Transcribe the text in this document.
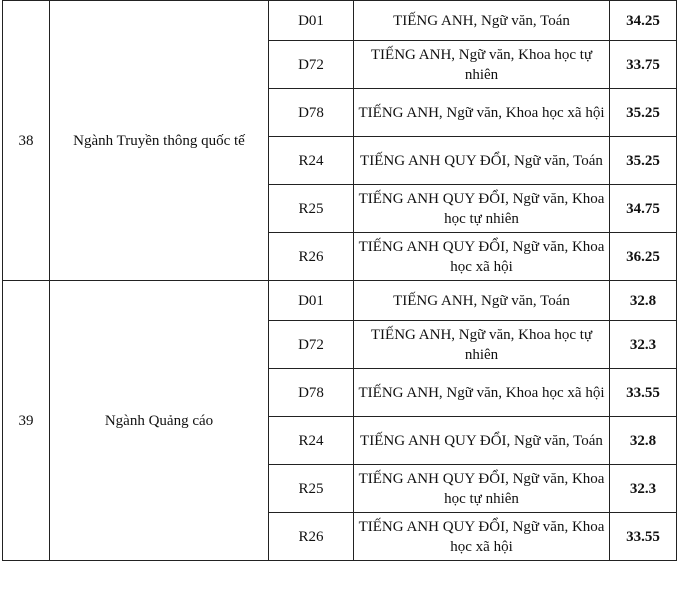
38	Ngành Truyền thông quốc tế	D01	TIẾNG ANH, Ngữ văn, Toán	34.25
		D72	TIẾNG ANH, Ngữ văn, Khoa học tự nhiên	33.75
		D78	TIẾNG ANH, Ngữ văn, Khoa học xã hội	35.25
		R24	TIẾNG ANH QUY ĐỔI, Ngữ văn, Toán	35.25
		R25	TIẾNG ANH QUY ĐỔI, Ngữ văn, Khoa học tự nhiên	34.75
		R26	TIẾNG ANH QUY ĐỔI, Ngữ văn, Khoa học xã hội	36.25
39	Ngành Quảng cáo	D01	TIẾNG ANH, Ngữ văn, Toán	32.8
		D72	TIẾNG ANH, Ngữ văn, Khoa học tự nhiên	32.3
		D78	TIẾNG ANH, Ngữ văn, Khoa học xã hội	33.55
		R24	TIẾNG ANH QUY ĐỔI, Ngữ văn, Toán	32.8
		R25	TIẾNG ANH QUY ĐỔI, Ngữ văn, Khoa học tự nhiên	32.3
		R26	TIẾNG ANH QUY ĐỔI, Ngữ văn, Khoa học xã hội	33.55
